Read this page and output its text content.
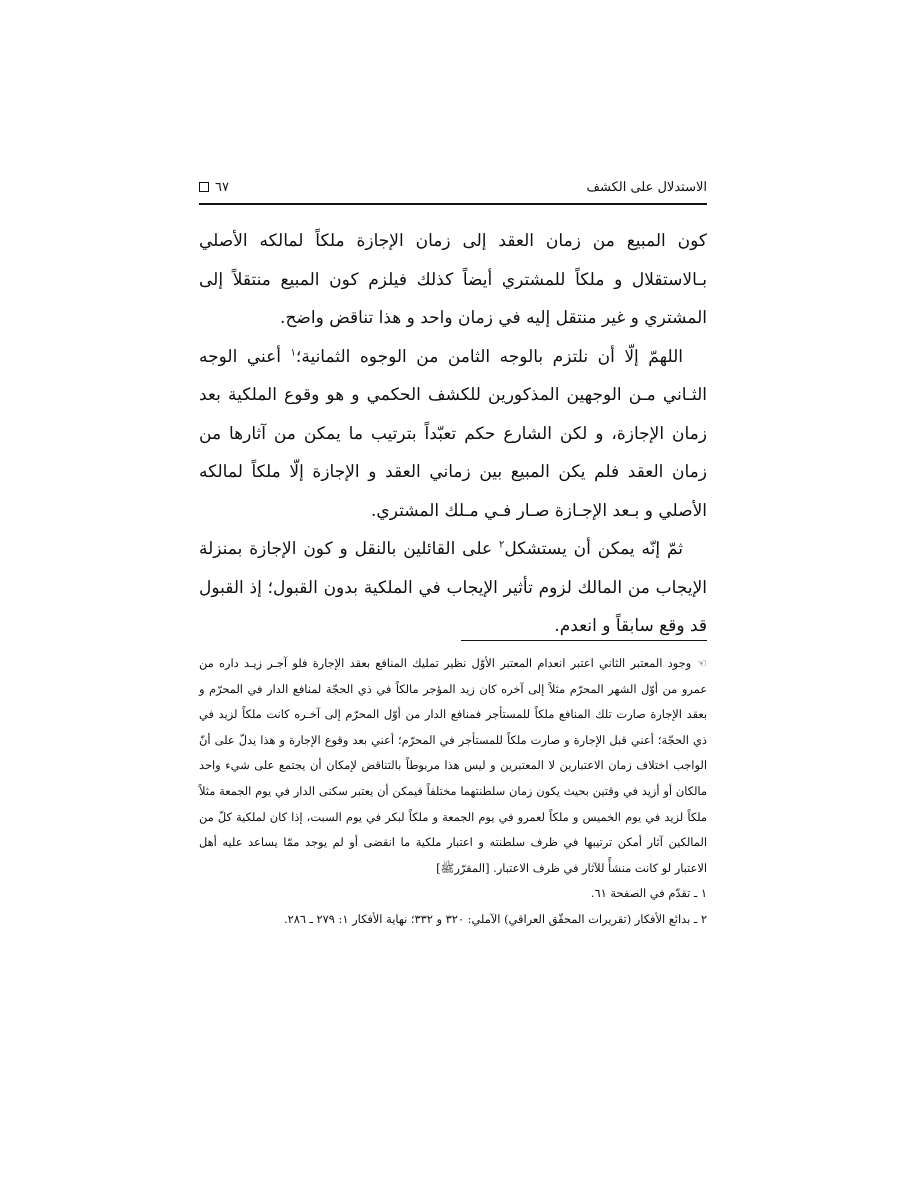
الاستدلال على الكشف
٦٧

كون المبيع من زمان العقد إلى زمان الإجازة ملكاً لمالكه الأصلي بـالاستقلال و ملكاً للمشتري أيضاً كذلك فيلزم كون المبيع منتقلاً إلى المشتري و غير منتقل إليه في زمان واحد و هذا تناقض واضح.

اللهمّ إلّا أن نلتزم بالوجه الثامن من الوجوه الثمانية؛$^١$ أعني الوجه الثـاني مـن الوجهين المذكورين للكشف الحكمي و هو وقوع الملكية بعد زمان الإجازة، و لكن الشارع حكم تعبّداً بترتيب ما يمكن من آثارها من زمان العقد فلم يكن المبيع بين زماني العقد و الإجازة إلّا ملكاً لمالكه الأصلي و بـعد الإجـازة صـار فـي مـلك المشتري.

ثمّ إنّه يمكن أن يستشكل$^٢$ على القائلين بالنقل و كون الإجازة بمنزلة الإيجاب من المالك لزوم تأثير الإيجاب في الملكية بدون القبول؛ إذ القبول قد وقع سابقاً و انعدم.

☜وجود المعتبر الثاني اعتبر انعدام المعتبر الأوّل نظير تمليك المنافع بعقد الإجارة فلو آجـر زيـد داره من عمرو من أوّل الشهر المحرّم مثلاً إلى آخره كان زيد المؤجر مالكاً في ذي الحجّة لمنافع الدار في المحرّم و بعقد الإجارة صارت تلك المنافع ملكاً للمستأجر فمنافع الدار من أوّل المحرّم إلى آخـره كانت ملكاً لزيد في ذي الحجّة؛ أعني قبل الإجارة و صارت ملكاً للمستأجر في المحرّم؛ أعني بعد وقوع الإجارة و هذا يدلّ على أنّ الواجب اختلاف زمان الاعتبارين لا المعتبرين و ليس هذا مربوطاً بالتناقض لإمكان أن يجتمع على شيء واحد مالكان أو أزيد في وقتين بحيث يكون زمان سلطنتهما مختلفاً فيمكن أن يعتبر سكنى الدار في يوم الجمعة مثلاً ملكاً لزيد في يوم الخميس و ملكاً لعمرو في يوم الجمعة و ملكاً لبكر في يوم السبت، إذا كان لملكية كلّ من المالكين آثار أمكن ترتيبها في ظرف سلطنته و اعتبار ملكية ما انقضى أو لم يوجد ممّا يساعد عليه أهل الاعتبار لو كانت منشأً للآثار في ظرف الاعتبار. [المقرّرﷺ]

١ ـ تقدّم في الصفحة ٦١.

٢ ـ بدائع الأفكار (تقريرات المحقّق العراقي) الآملي: ٣٢٠ و ٣٣٢؛ نهاية الأفكار ١: ٢٧٩ ـ ٢٨٦.
